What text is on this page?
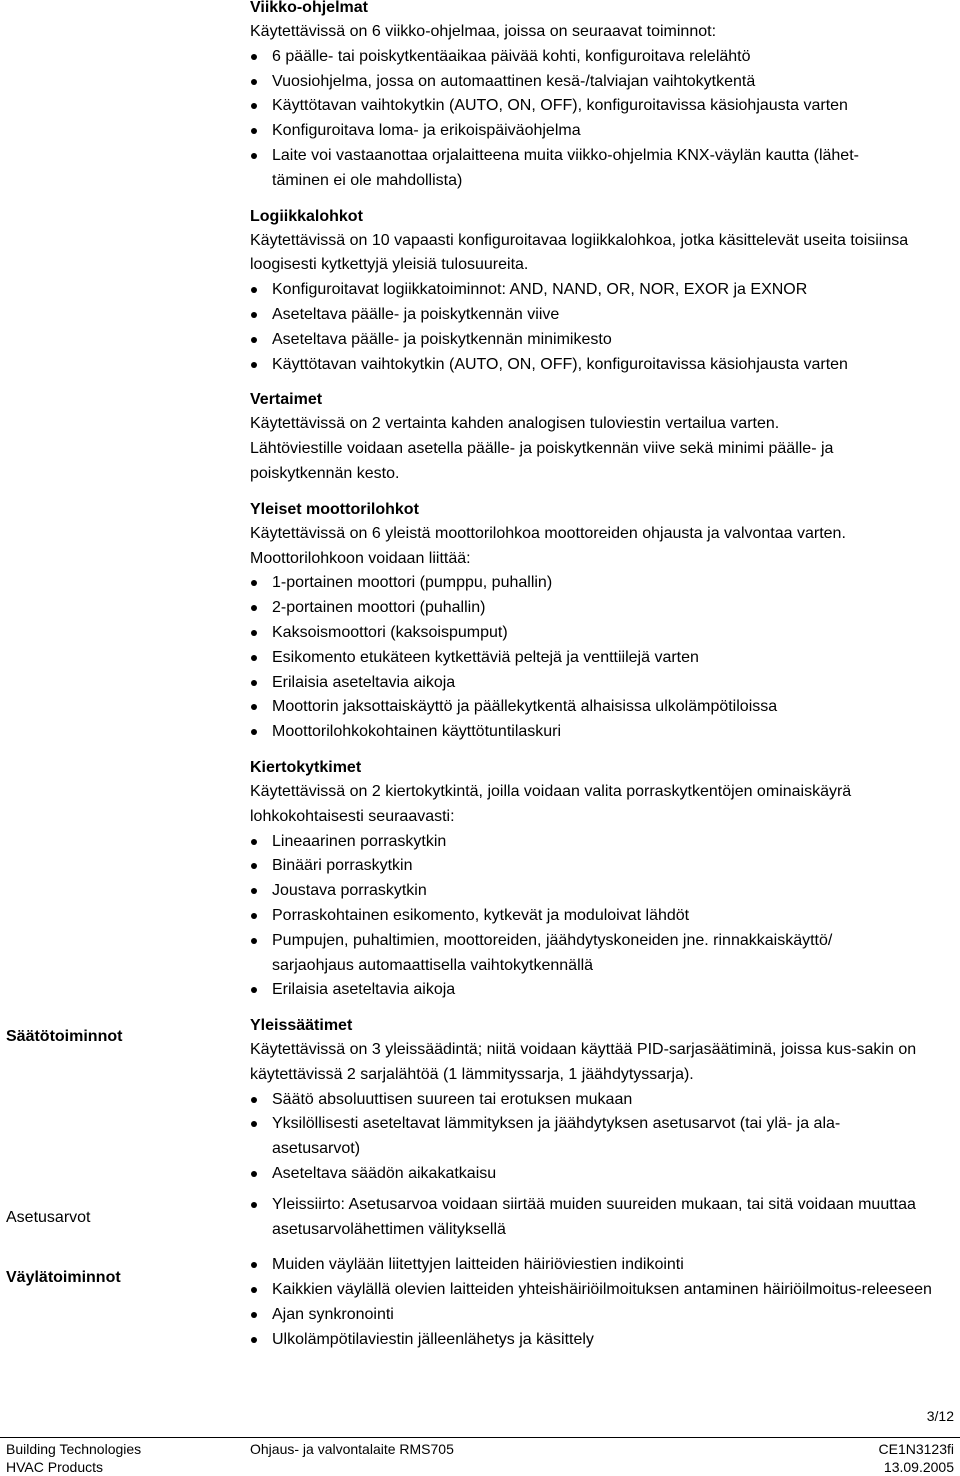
Säätötoiminnot
Asetusarvot
Väylätoiminnot
Viikko-ohjelmat
Käytettävissä on 6 viikko-ohjelmaa, joissa on seuraavat toiminnot:
6 päälle- tai poiskytkentäaikaa päivää kohti, konfiguroitava relelähtö
Vuosiohjelma, jossa on automaattinen kesä-/talviajan vaihtokytkentä
Käyttötavan vaihtokytkin (AUTO, ON, OFF), konfiguroitavissa käsiohjausta varten
Konfiguroitava loma- ja erikoispäiväohjelma
Laite voi vastaanottaa orjalaitteena muita viikko-ohjelmia KNX-väylän kautta (lähet-täminen ei ole mahdollista)
Logiikkalohkot
Käytettävissä on 10 vapaasti konfiguroitavaa logiikkalohkoa, jotka käsittelevät useita toisiinsa loogisesti kytkettyjä yleisiä tulosuureita.
Konfiguroitavat logiikkatoiminnot: AND, NAND, OR, NOR, EXOR ja EXNOR
Aseteltava päälle- ja poiskytkennän viive
Aseteltava päälle- ja poiskytkennän minimikesto
Käyttötavan vaihtokytkin (AUTO, ON, OFF), konfiguroitavissa käsiohjausta varten
Vertaimet
Käytettävissä on 2 vertainta kahden analogisen tuloviestin vertailua varten.
Lähtöviestille voidaan asetella päälle- ja poiskytkennän viive sekä minimi päälle- ja poiskytkennän kesto.
Yleiset moottorilohkot
Käytettävissä on 6 yleistä moottorilohkoa moottoreiden ohjausta ja valvontaa varten.
Moottorilohkoon voidaan liittää:
1-portainen moottori (pumppu, puhallin)
2-portainen moottori (puhallin)
Kaksoismoottori (kaksoispumput)
Esikomento etukäteen kytkettäviä peltejä ja venttiilejä varten
Erilaisia aseteltavia aikoja
Moottorin jaksottaiskäyttö ja päällekytkentä alhaisissa ulkolämpötiloissa
Moottorilohkokohtainen käyttötuntilaskuri
Kiertokytkimet
Käytettävissä on 2 kiertokytkintä, joilla voidaan valita porraskytkentöjen ominaiskäyrä lohkokohtaisesti seuraavasti:
Lineaarinen porraskytkin
Binääri porraskytkin
Joustava porraskytkin
Porraskohtainen esikomento, kytkevät ja moduloivat lähdöt
Pumpujen, puhaltimien, moottoreiden, jäähdytyskoneiden jne. rinnakkaiskäyttö/ sarjaohjaus automaattisella vaihtokytkennällä
Erilaisia aseteltavia aikoja
Yleissäätimet
Käytettävissä on 3 yleissäädintä; niitä voidaan käyttää PID-sarjasäätiminä, joissa kus-sakin on käytettävissä 2 sarjalähtöä (1 lämmityssarja, 1 jäähdytyssarja).
Säätö absoluuttisen suureen tai erotuksen mukaan
Yksilöllisesti aseteltavat lämmityksen ja jäähdytyksen asetusarvot (tai ylä- ja ala-asetusarvot)
Aseteltava säädön aikakatkaisu
Yleissiirto: Asetusarvoa voidaan siirtää muiden suureiden mukaan, tai sitä voidaan muuttaa asetusarvolähettimen välityksellä
Muiden väylään liitettyjen laitteiden häiriöviestien indikointi
Kaikkien väylällä olevien laitteiden yhteishäiriöilmoituksen antaminen häiriöilmoitus-releeseen
Ajan synkronointi
Ulkolämpötilaviestin jälleenlähetys ja käsittely
3/12
Building Technologies
HVAC Products
Ohjaus- ja valvontalaite RMS705	CE1N3123fi
13.09.2005
